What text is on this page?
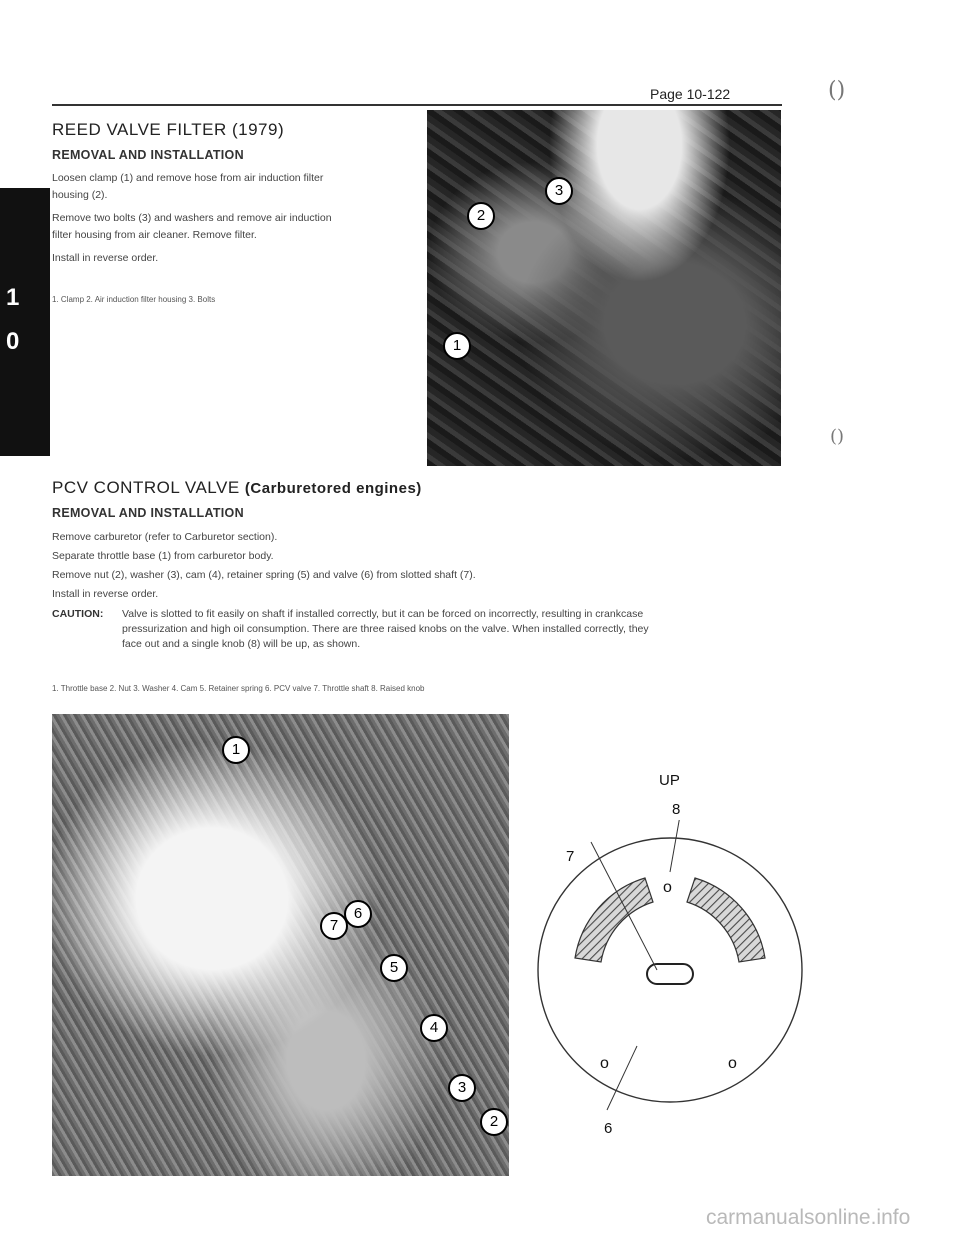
Page 10-122	()
()
1
0
REED VALVE FILTER (1979)
REMOVAL AND INSTALLATION
Loosen clamp (1) and remove hose from air induction filter
housing (2).
Remove two bolts (3) and washers and remove air induction
filter housing from air cleaner. Remove filter.
Install in reverse order.
1. Clamp 2. Air induction filter housing 3. Bolts
3
2
1
PCV CONTROL VALVE (Carburetored engines)
REMOVAL AND INSTALLATION
Remove carburetor (refer to Carburetor section).
Separate throttle base (1) from carburetor body.
Remove nut (2), washer (3), cam (4), retainer spring (5) and valve (6) from slotted shaft (7).
Install in reverse order.
CAUTION:	Valve is slotted to fit easily on shaft if installed correctly, but it can be forced on incorrectly, resulting in crankcase
pressurization and high oil consumption. There are three raised knobs on the valve. When installed correctly, they
face out and a single knob (8) will be up, as shown.
1. Throttle base 2. Nut 3. Washer 4. Cam 5. Retainer spring 6. PCV valve 7. Throttle shaft 8. Raised knob
1
7
6
5
4
3
2
UP
8
7
6
o
o	o
carmanualsonline.info
